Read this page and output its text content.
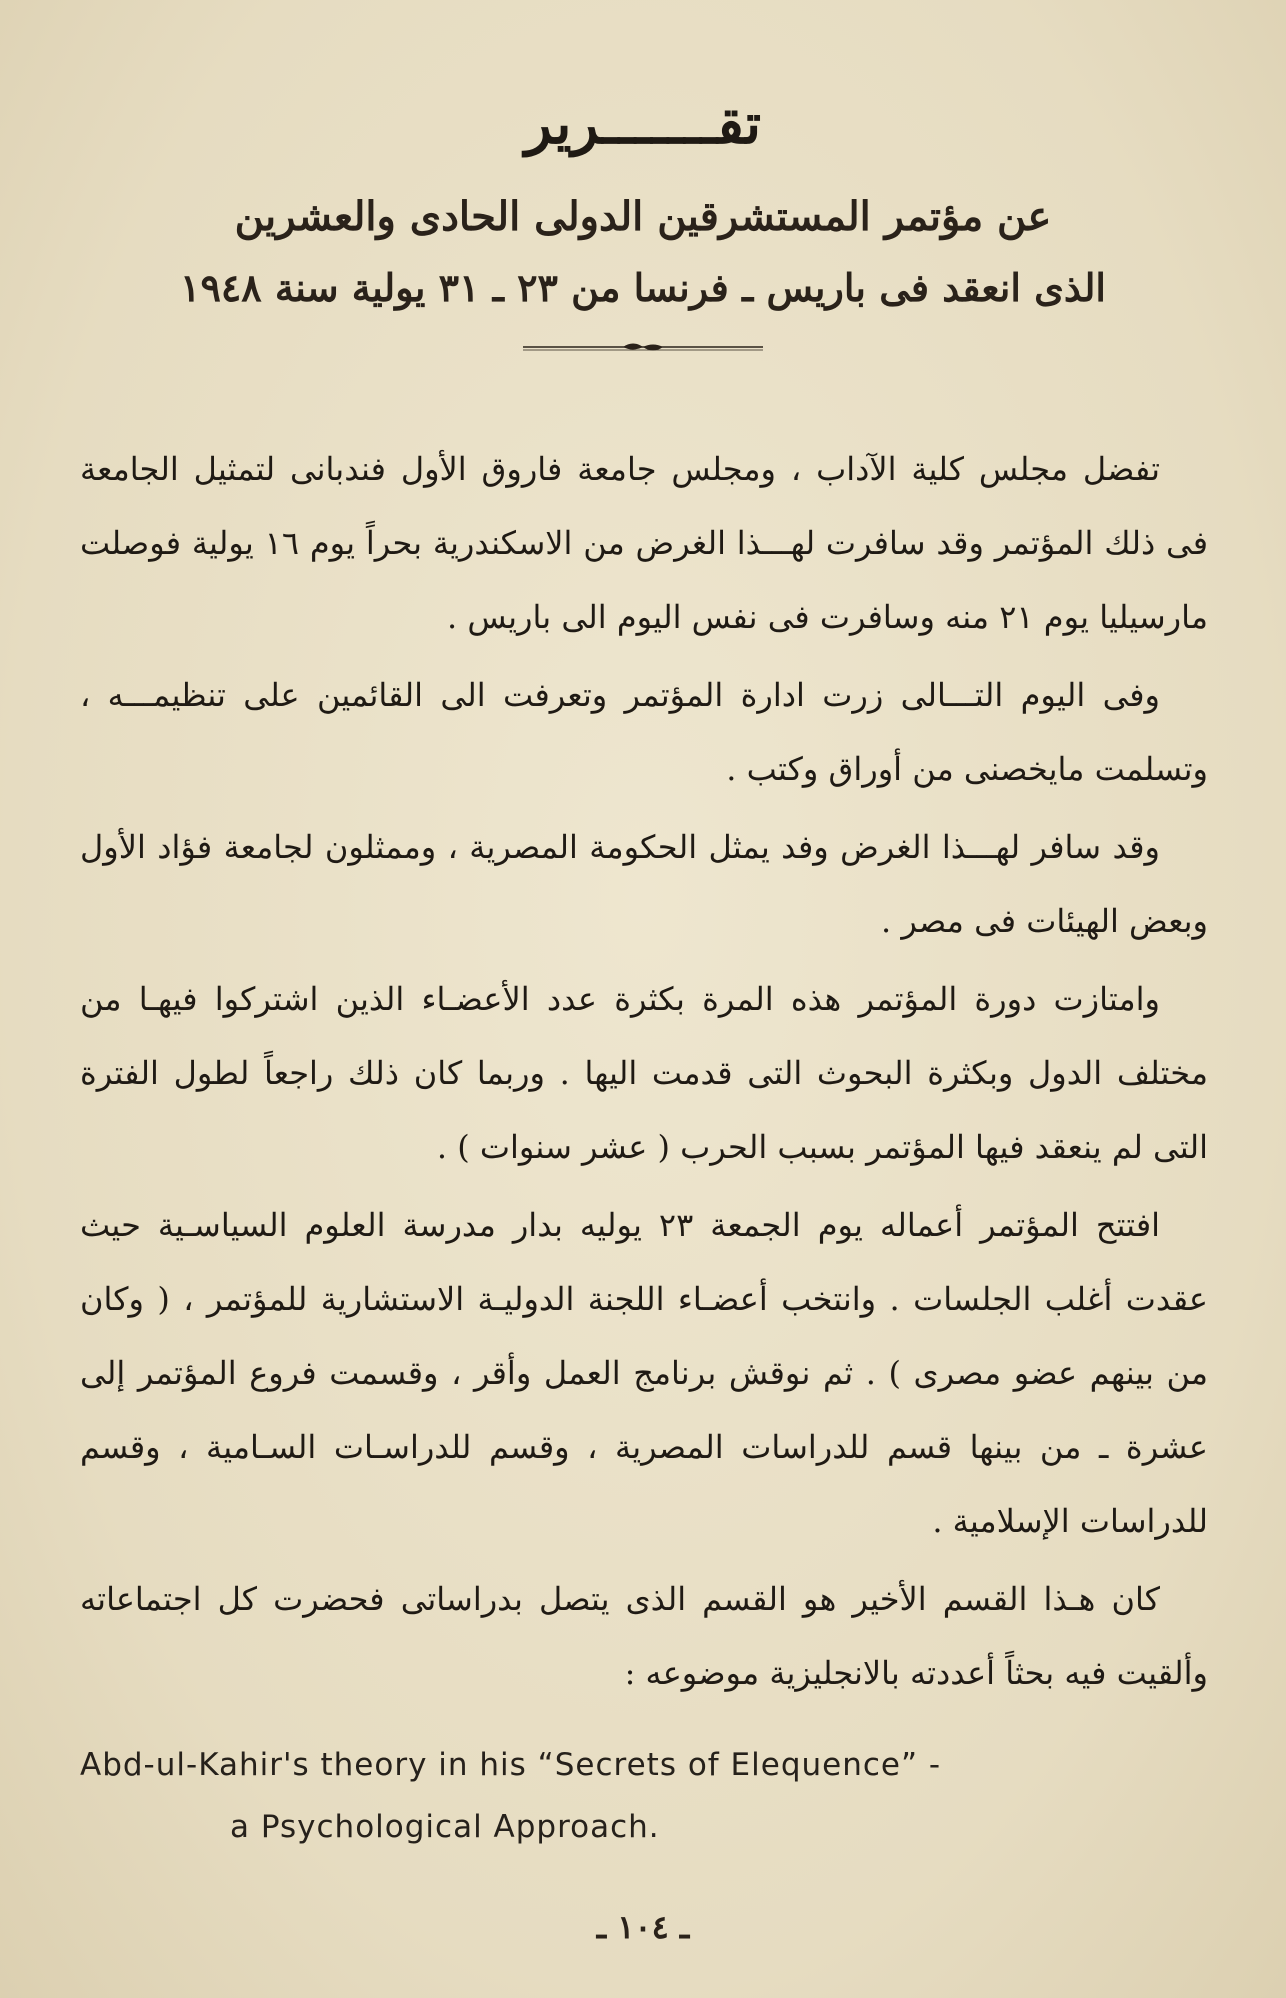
تقـــــــرير

عن مؤتمر المستشرقين الدولى الحادى والعشرين

الذى انعقد فى باريس ـ فرنسا من ٢٣ ـ ٣١ يولية سنة ١٩٤٨

تفضل مجلس كلية الآداب ، ومجلس جامعة فاروق الأول فندبانى لتمثيل الجامعة فى ذلك المؤتمر وقد سافرت لهـــذا الغرض من الاسكندرية بحراً يوم ١٦ يولية فوصلت مارسيليا يوم ٢١ منه وسافرت فى نفس اليوم الى باريس .

وفى اليوم التـــالى زرت ادارة المؤتمر وتعرفت الى القائمين على تنظيمـــه ، وتسلمت مايخصنى من أوراق وكتب .

وقد سافر لهـــذا الغرض وفد يمثل الحكومة المصرية ، وممثلون لجامعة فؤاد الأول وبعض الهيئات فى مصر .

وامتازت دورة المؤتمر هذه المرة بكثرة عدد الأعضـاء الذين اشتركوا فيهـا من مختلف الدول وبكثرة البحوث التى قدمت اليها . وربما كان ذلك راجعاً لطول الفترة التى لم ينعقد فيها المؤتمر بسبب الحرب ( عشر سنوات ) .

افتتح المؤتمر أعماله يوم الجمعة ٢٣ يوليه بدار مدرسة العلوم السياسـية حيث عقدت أغلب الجلسات . وانتخب أعضـاء اللجنة الدوليـة الاستشارية للمؤتمر ، ( وكان من بينهم عضو مصرى ) . ثم نوقش برنامج العمل وأقر ، وقسمت فروع المؤتمر إلى عشرة ـ من بينها قسم للدراسات المصرية ، وقسم للدراسـات السـامية ، وقسم للدراسات الإسلامية .

كان هـذا القسم الأخير هو القسم الذى يتصل بدراساتى فحضرت كل اجتماعاته وألقيت فيه بحثاً أعددته بالانجليزية موضوعه :

Abd-ul-Kahir's theory in his “Secrets of Elequence” -
a Psychological Approach.
ـ ١٠٤ ـ
